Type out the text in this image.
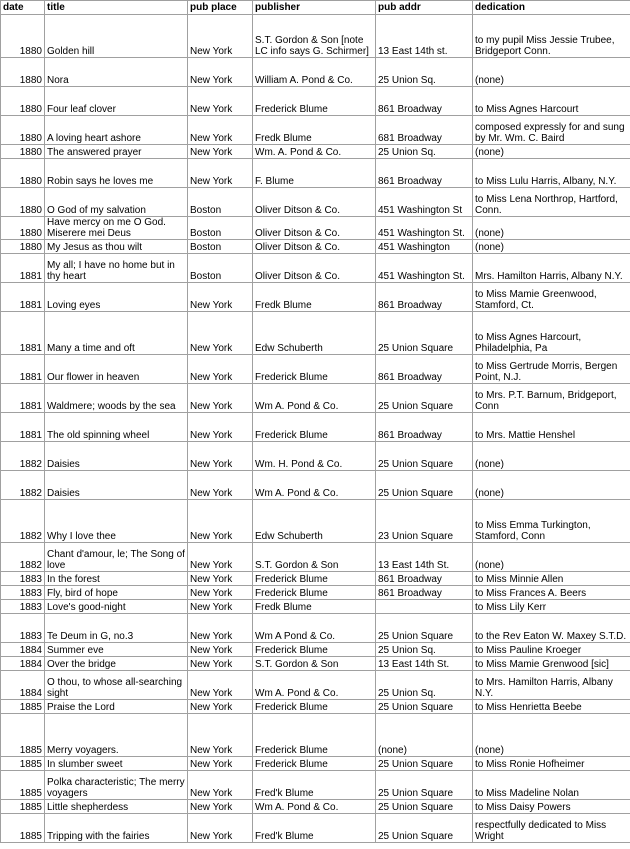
date	title	pub place	publisher	pub addr	dedication
1880	Golden hill	New York	S.T. Gordon & Son [note LC info says G. Schirmer]	13 East 14th st.	to my pupil Miss Jessie Trubee, Bridgeport Conn.
1880	Nora	New York	William A. Pond & Co.	25 Union Sq.	(none)
1880	Four leaf clover	New York	Frederick Blume	861 Broadway	to Miss Agnes Harcourt
1880	A loving heart ashore	New York	Fredk Blume	681 Broadway	composed expressly for and sung by Mr. Wm. C. Baird
1880	The answered prayer	New York	Wm. A. Pond & Co.	25 Union Sq.	(none)
1880	Robin says he loves me	New York	F. Blume	861 Broadway	to Miss Lulu Harris, Albany, N.Y.
1880	O God of my salvation	Boston	Oliver Ditson & Co.	451 Washington St	to Miss Lena Northrop, Hartford, Conn.
1880	Have mercy on me O God. Miserere mei Deus	Boston	Oliver Ditson & Co.	451 Washington St.	(none)
1880	My Jesus as thou wilt	Boston	Oliver Ditson & Co.	451 Washington	(none)
1881	My all; I have no home but in thy heart	Boston	Oliver Ditson & Co.	451 Washington St.	Mrs. Hamilton Harris, Albany N.Y.
1881	Loving eyes	New York	Fredk Blume	861 Broadway	to Miss Mamie Greenwood, Stamford, Ct.
1881	Many a time and oft	New York	Edw Schuberth	25 Union Square	to Miss Agnes Harcourt, Philadelphia, Pa
1881	Our flower in heaven	New York	Frederick Blume	861 Broadway	to Miss Gertrude Morris, Bergen Point, N.J.
1881	Waldmere; woods by the sea	New York	Wm A. Pond & Co.	25 Union Square	to Mrs. P.T. Barnum, Bridgeport, Conn
1881	The old spinning wheel	New York	Frederick Blume	861 Broadway	to Mrs. Mattie Henshel
1882	Daisies	New York	Wm. H. Pond & Co.	25 Union Square	(none)
1882	Daisies	New York	Wm A. Pond & Co.	25 Union Square	(none)
1882	Why I love thee	New York	Edw Schuberth	23 Union Square	to Miss Emma Turkington, Stamford, Conn
1882	Chant d'amour, le; The Song of love	New York	S.T. Gordon & Son	13 East 14th St.	(none)
1883	In the forest	New York	Frederick Blume	861 Broadway	to Miss Minnie Allen
1883	Fly, bird of hope	New York	Frederick Blume	861 Broadway	to Miss Frances A. Beers
1883	Love's good-night	New York	Fredk Blume		to Miss Lily Kerr
1883	Te Deum in G, no.3	New York	Wm A Pond & Co.	25 Union Square	to the Rev Eaton W. Maxey S.T.D.
1884	Summer eve	New York	Frederick Blume	25 Union Sq.	to Miss Pauline Kroeger
1884	Over the bridge	New York	S.T. Gordon & Son	13 East 14th St.	to Miss Mamie Grenwood [sic]
1884	O thou, to whose all-searching sight	New York	Wm A. Pond & Co.	25 Union Sq.	to Mrs. Hamilton Harris, Albany N.Y.
1885	Praise the Lord	New York	Frederick Blume	25 Union Square	to Miss Henrietta Beebe
1885	Merry voyagers.	New York	Frederick Blume	(none)	(none)
1885	In slumber sweet	New York	Frederick Blume	25 Union Square	to Miss Ronie Hofheimer
1885	Polka characteristic; The merry voyagers	New York	Fred'k Blume	25 Union Square	to Miss Madeline Nolan
1885	Little shepherdess	New York	Wm A. Pond & Co.	25 Union Square	to Miss Daisy Powers
1885	Tripping with the fairies	New York	Fred'k Blume	25 Union Square	respectfully dedicated to Miss Wright
